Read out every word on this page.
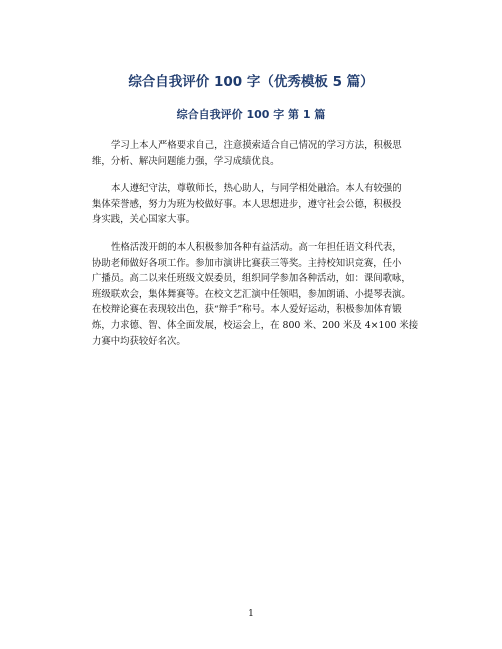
综合自我评价 100 字（优秀模板 5 篇）
综合自我评价 100 字 第 1 篇
学习上本人严格要求自己，注意摸索适合自己情况的学习方法，积极思
维，分析、解决问题能力强，学习成绩优良。
本人遵纪守法，尊敬师长，热心助人，与同学相处融洽。本人有较强的
集体荣誉感，努力为班为校做好事。本人思想进步，遵守社会公德，积极投
身实践，关心国家大事。
性格活泼开朗的本人积极参加各种有益活动。高一年担任语文科代表，
协助老师做好各项工作。参加市演讲比赛获三等奖。主持校知识竞赛，任小
广播员。高二以来任班级文娱委员，组织同学参加各种活动，如：课间歌咏，
班级联欢会，集体舞赛等。在校文艺汇演中任领唱，参加朗诵、小提琴表演。
在校辩论赛在表现较出色，获“辩手”称号。本人爱好运动，积极参加体育锻
炼，力求德、智、体全面发展，校运会上，在 800 米、200 米及 4×100 米接
力赛中均获较好名次。
1
